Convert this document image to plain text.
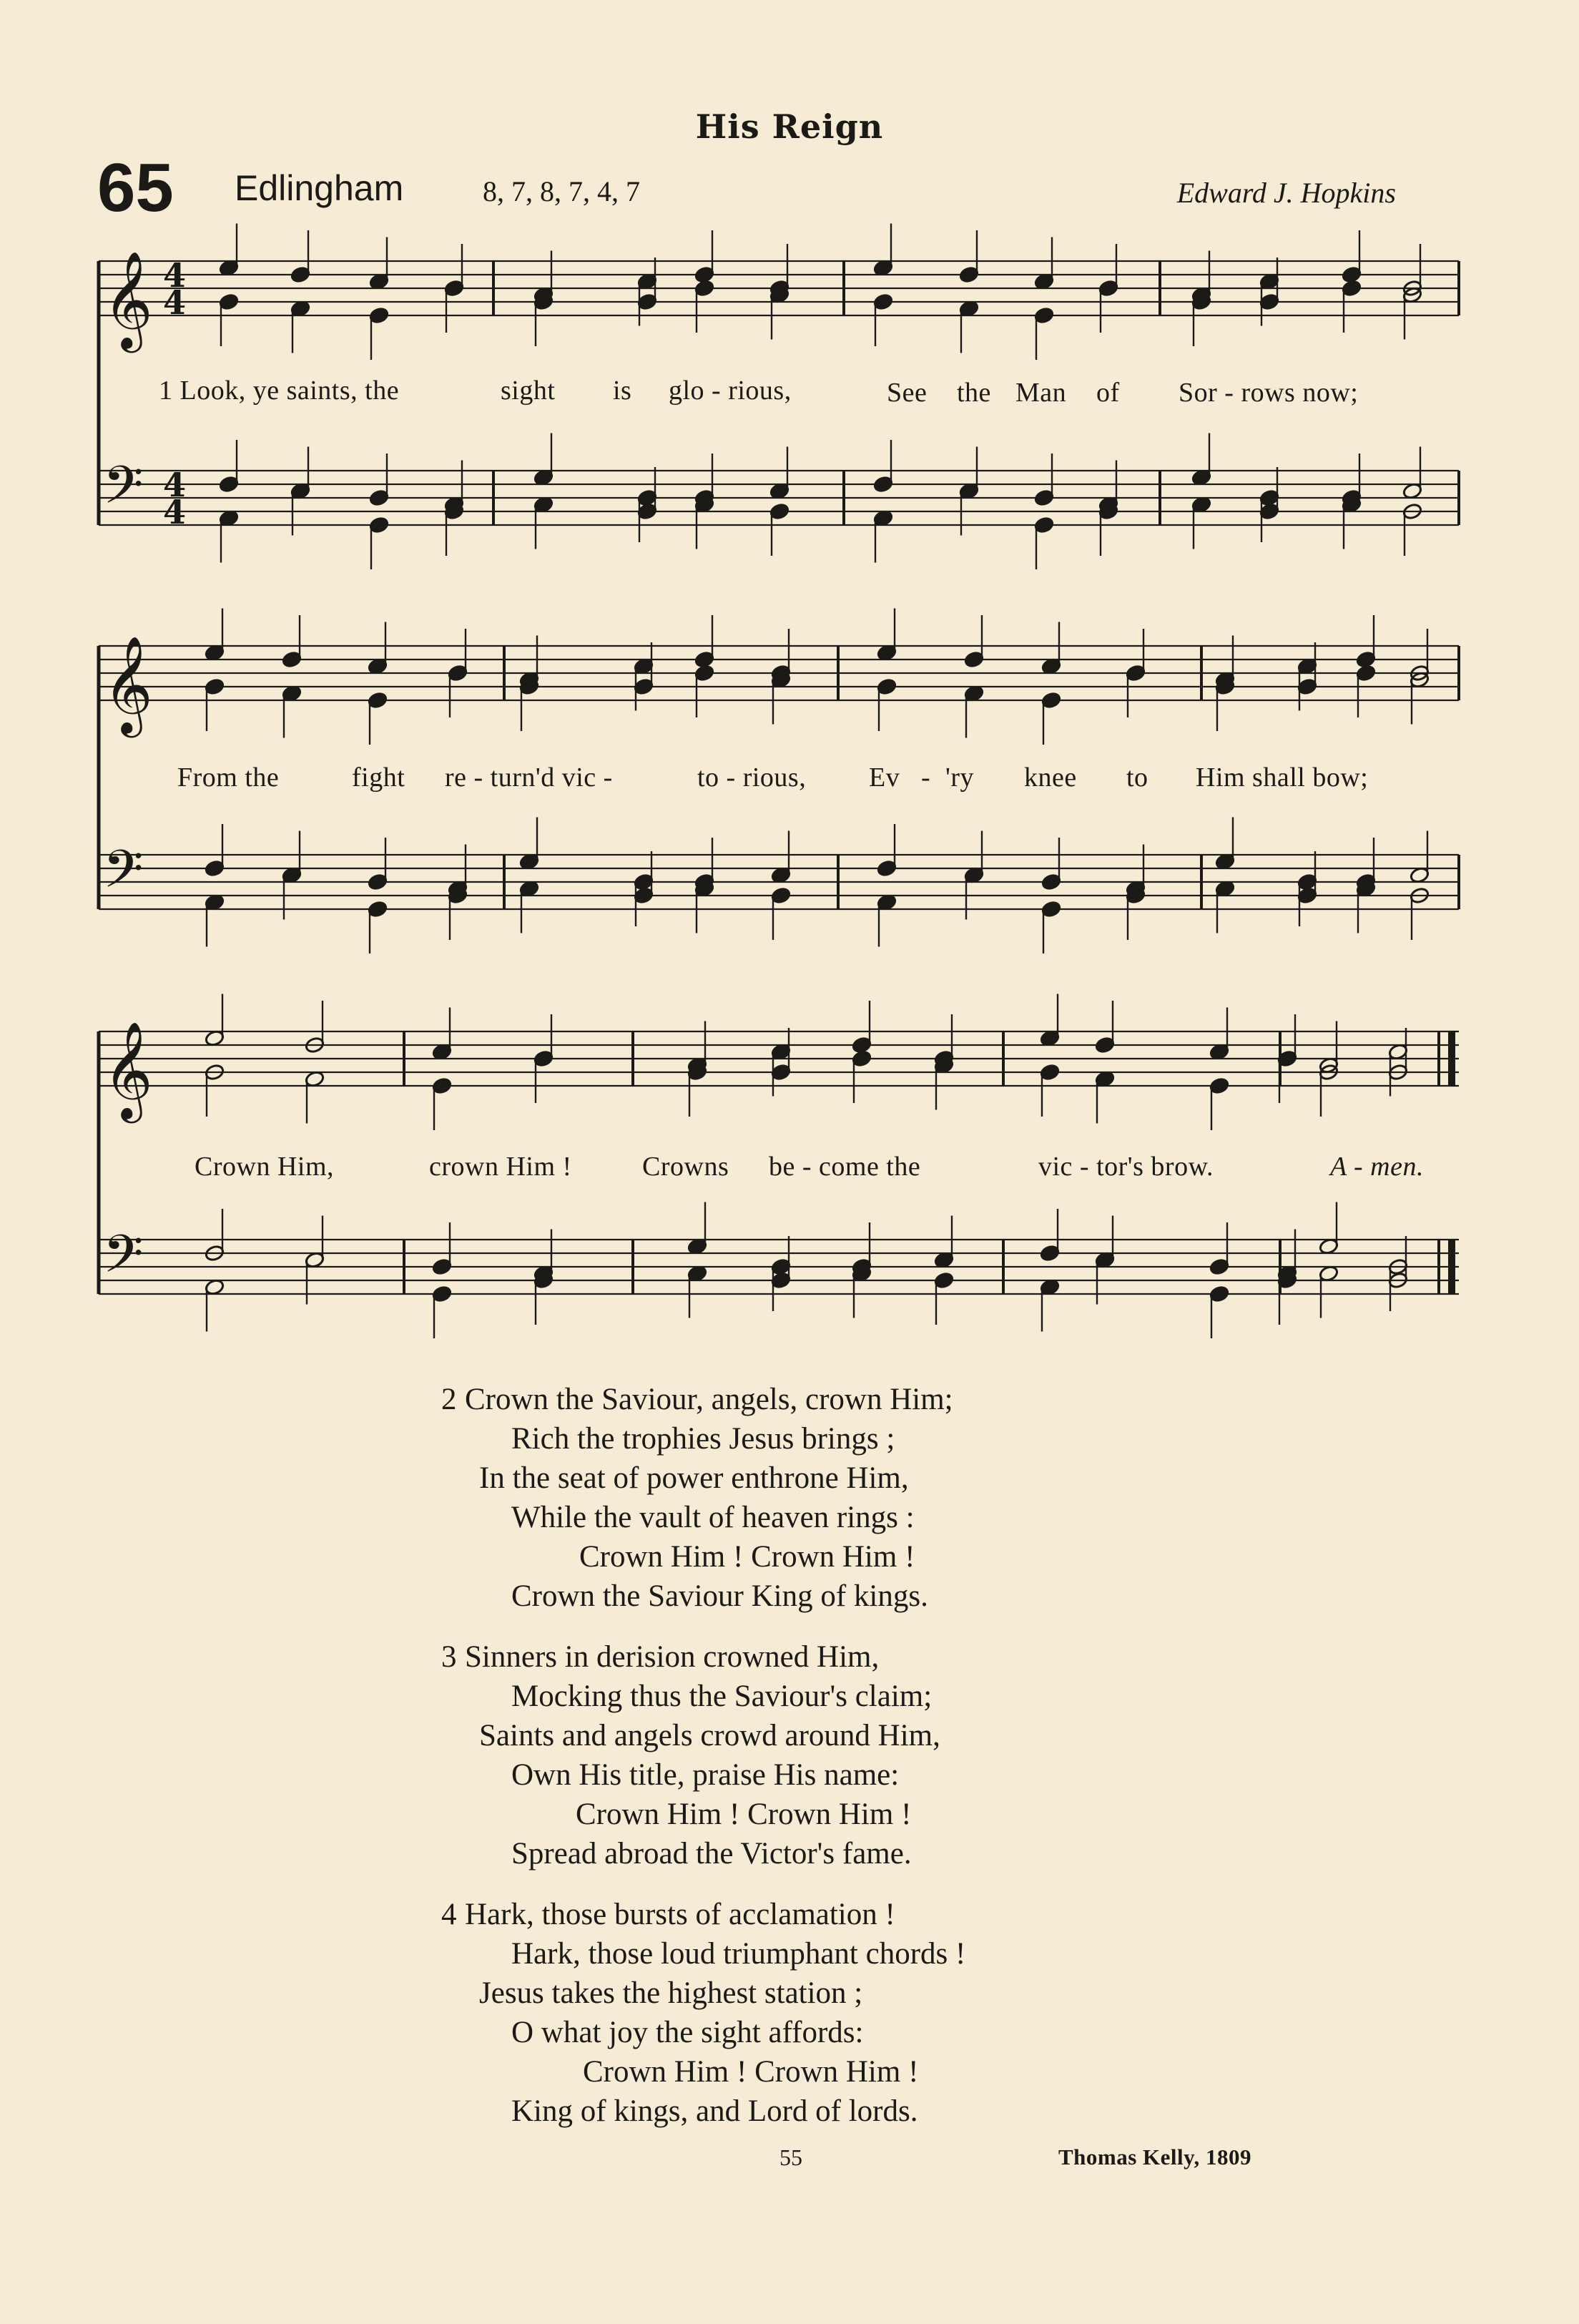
His Reign
65 Edlingham	8, 7, 8, 7, 4, 7	Edward J. Hopkins
𝄞 4
4
𝄢 4
4
𝄞
𝄢
𝄞
𝄢
1 Look, ye saints, the	sight is glo - rious,	See the Man of Sor - rows now;
From the	fight re - turn'd vic -	to - rious, Ev - 'ry knee to Him shall bow;
Crown Him,	crown Him !	Crowns be - come the	vic - tor's brow.	A - men.
2 Crown the Saviour, angels, crown Him;
Rich the trophies Jesus brings ;
In the seat of power enthrone Him,
While the vault of heaven rings :
Crown Him ! Crown Him !
Crown the Saviour King of kings.
3 Sinners in derision crowned Him,
Mocking thus the Saviour's claim;
Saints and angels crowd around Him,
Own His title, praise His name:
Crown Him ! Crown Him !
Spread abroad the Victor's fame.
4 Hark, those bursts of acclamation !
Hark, those loud triumphant chords !
Jesus takes the highest station ;
O what joy the sight affords:
Crown Him ! Crown Him !
King of kings, and Lord of lords.
55	Thomas Kelly, 1809
